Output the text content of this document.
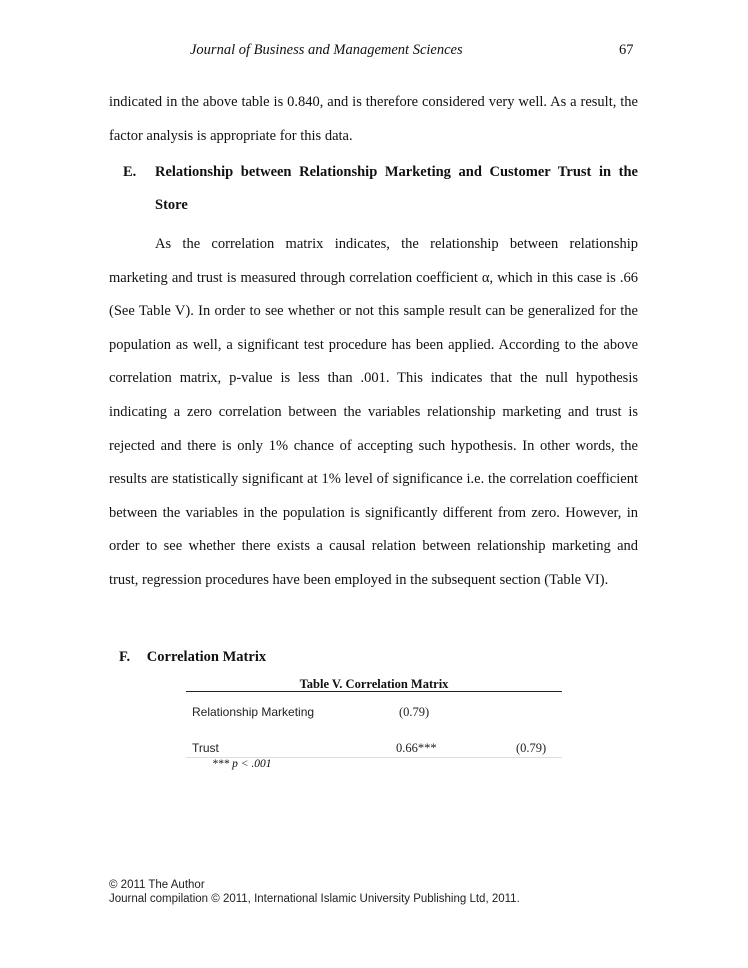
Journal of Business and Management Sciences	67

indicated in the above table is 0.840, and is therefore considered very well. As a result, the factor analysis is appropriate for this data.

E. Relationship between Relationship Marketing and Customer Trust in the Store

As the correlation matrix indicates, the relationship between relationship marketing and trust is measured through correlation coefficient α, which in this case is .66 (See Table V). In order to see whether or not this sample result can be generalized for the population as well, a significant test procedure has been applied. According to the above correlation matrix, p-value is less than .001. This indicates that the null hypothesis indicating a zero correlation between the variables relationship marketing and trust is rejected and there is only 1% chance of accepting such hypothesis. In other words, the results are statistically significant at 1% level of significance i.e. the correlation coefficient between the variables in the population is significantly different from zero. However, in order to see whether there exists a causal relation between relationship marketing and trust, regression procedures have been employed in the subsequent section (Table VI).

F. Correlation Matrix
Table V. Correlation Matrix
Relationship Marketing	(0.79)
Trust	0.66***	(0.79)
*** p < .001
© 2011 The Author
Journal compilation © 2011, International Islamic University Publishing Ltd, 2011.
